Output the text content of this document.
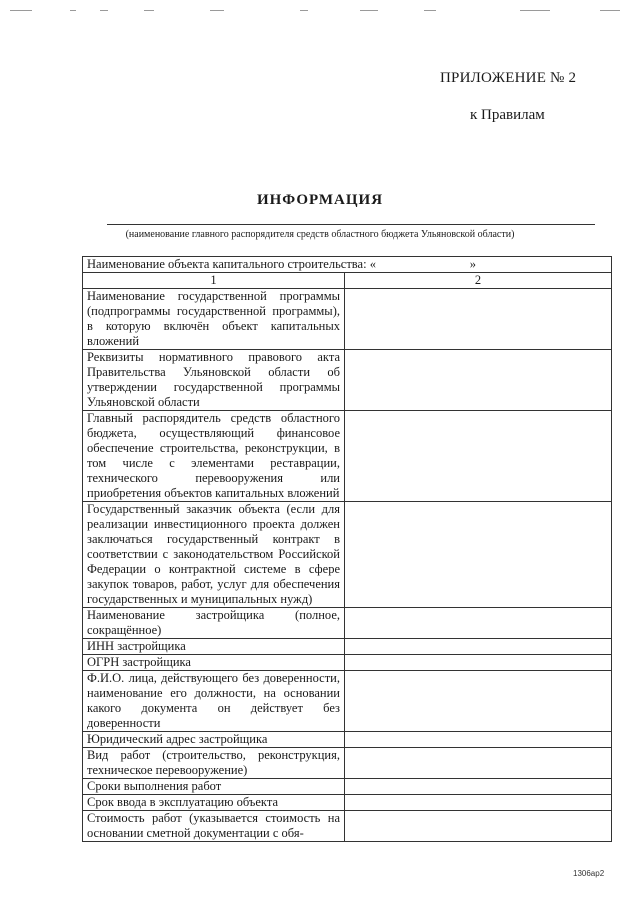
ПРИЛОЖЕНИЕ № 2
к Правилам
ИНФОРМАЦИЯ
(наименование главного распорядителя средств областного бюджета Ульяновской области)
Наименование объекта капитального строительства: «                              »	
1	2
Наименование государственной программы (подпрограммы государственной программы), в которую включён объект капитальных вложений	
Реквизиты нормативного правового акта Правительства Ульяновской области об утверждении государственной программы Ульяновской области	
Главный распорядитель средств областного бюджета, осуществляющий финансовое обеспечение строительства, реконструкции, в том числе с элементами реставрации, технического перевооружения или приобретения объектов капитальных вложений	
Государственный заказчик объекта (если для реализации инвестиционного проекта должен заключаться государственный контракт в соответствии с законодательством Российской Федерации о контрактной системе в сфере закупок товаров, работ, услуг для обеспечения государственных и муниципальных нужд)	
Наименование застройщика (полное, сокращённое)	
ИНН застройщика	
ОГРН застройщика	
Ф.И.О. лица, действующего без доверенности, наименование его должности, на основании какого документа он действует без доверенности	
Юридический адрес застройщика	
Вид работ (строительство, реконструкция, техническое перевооружение)	
Сроки выполнения работ	
Срок ввода в эксплуатацию объекта	
Стоимость работ (указывается стоимость на основании сметной документации с обя-	
1306ар2
